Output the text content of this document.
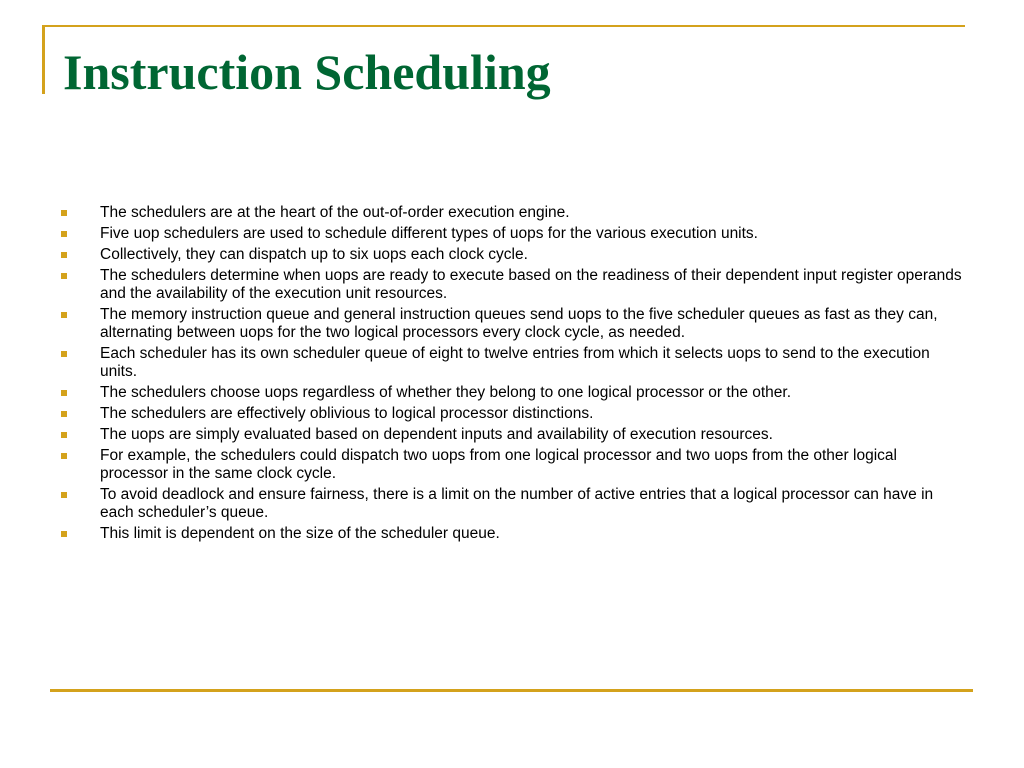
Instruction Scheduling
The schedulers are at the heart of the out-of-order execution engine.
Five uop schedulers are used to schedule different types of uops for the various execution units.
Collectively, they can dispatch up to six uops each clock cycle.
The schedulers determine when uops are ready to execute based on the readiness of their dependent input register operands and the availability of the execution unit resources.
The memory instruction queue and general instruction queues send uops to the five scheduler queues as fast as they can, alternating between uops for the two logical processors every clock cycle, as needed.
Each scheduler has its own scheduler queue of eight to twelve entries from which it selects uops to send to the execution units.
The schedulers choose uops regardless of whether they belong to one logical processor or the other.
The schedulers are effectively oblivious to logical processor distinctions.
The uops are simply evaluated based on dependent inputs and availability of execution resources.
For example, the schedulers could dispatch two uops from one logical processor and two uops from the other logical processor in the same clock cycle.
To avoid deadlock and ensure fairness, there is a limit on the number of active entries that a logical processor can have in each scheduler’s queue.
This limit is dependent on the size of the scheduler queue.
